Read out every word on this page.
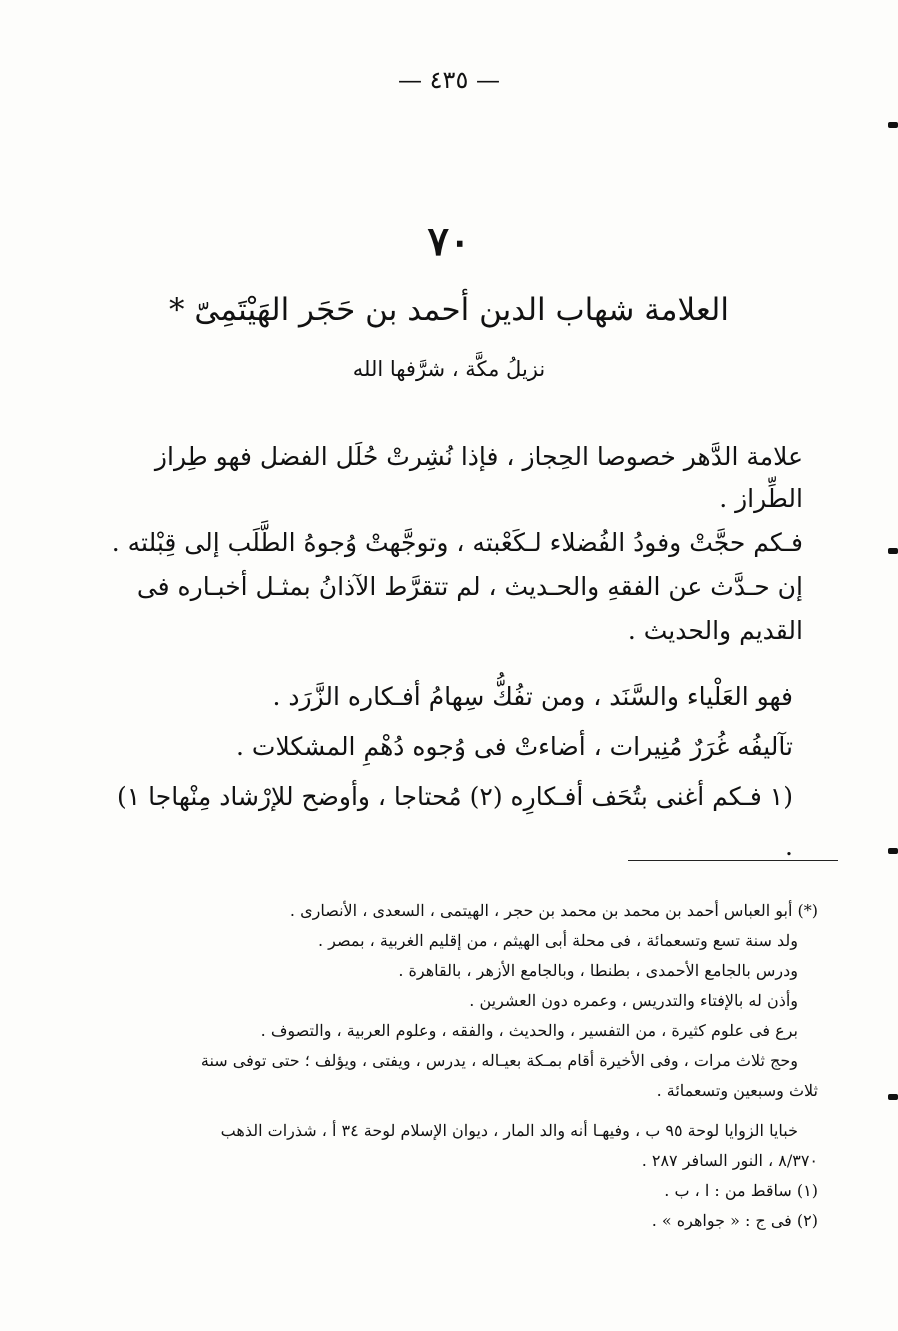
— ٤٣٥ —
٧٠
العلامة شهاب الدين أحمد بن حَجَر الهَيْتَمِىّ *
نزيلُ مكَّة ، شرَّفها الله

علامة الدَّهر خصوصا الحِجاز ، فإذا نُشِرتْ حُلَل الفضل فهو طِراز الطِّراز .

فـكم حجَّتْ وفودُ الفُضلاء لـكَعْبته ، وتوجَّهتْ وُجوهُ الطَّلَب إلى قِبْلته .

إن حـدَّث عن الفقهِ والحـديث ، لم تتقرَّط الآذانُ بمثـل أخبـاره فى

القديم والحديث .

فهو العَلْياء والسَّنَد ، ومن تفُكُّ سِهامُ أفـكاره الزَّرَد .

تآليفُه غُرَرٌ مُنِيرات ، أضاءتْ فى وُجوه دُهْمِ المشكلات .

(١ فـكم أغنى بتُحَف أفـكارِه (٢) مُحتاجا ، وأوضح للإرْشاد مِنْهاجا ١) .

(*) أبو العباس أحمد بن محمد بن محمد بن حجر ، الهيتمى ، السعدى ، الأنصارى .

ولد سنة تسع وتسعمائة ، فى محلة أبى الهيثم ، من إقليم الغربية ، بمصر .

ودرس بالجامع الأحمدى ، بطنطا ، وبالجامع الأزهر ، بالقاهرة .

وأذن له بالإفتاء والتدريس ، وعمره دون العشرين .

برع فى علوم كثيرة ، من التفسير ، والحديث ، والفقه ، وعلوم العربية ، والتصوف .

وحج ثلاث مرات ، وفى الأخيرة أقام بمـكة بعيـاله ، يدرس ، ويفتى ، ويؤلف ؛ حتى توفى سنة

ثلاث وسبعين وتسعمائة .

خبايا الزوايا لوحة ٩٥ ب ، وفيهـا أنه والد المار ، ديوان الإسلام لوحة ٣٤ أ ، شذرات الذهب

٨/٣٧٠ ، النور السافر ٢٨٧ .

(١) ساقط من : ا ، ب .

(٢) فى ج : « جواهره » .
